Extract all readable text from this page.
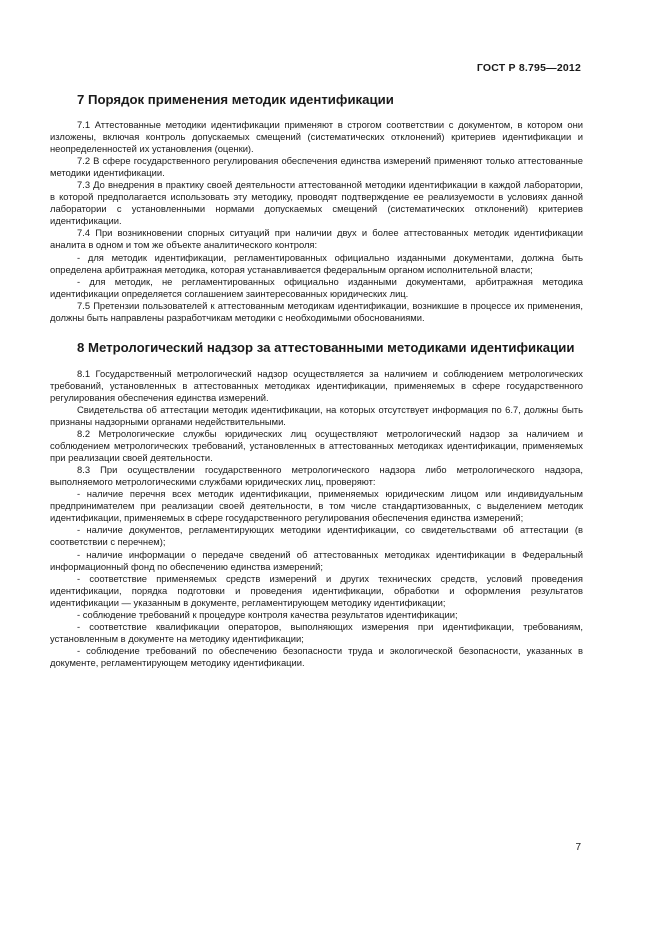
ГОСТ Р 8.795—2012
7 Порядок применения методик идентификации

7.1 Аттестованные методики идентификации применяют в строгом соответствии с документом, в котором они изложены, включая контроль допускаемых смещений (систематических отклонений) критериев идентификации и неопределенностей их установления (оценки).

7.2 В сфере государственного регулирования обеспечения единства измерений применяют только аттестованные методики идентификации.

7.3 До внедрения в практику своей деятельности аттестованной методики идентификации в каждой лаборатории, в которой предполагается использовать эту методику, проводят подтверждение ее реализуемости в условиях данной лаборатории с установленными нормами допускаемых смещений (систематических отклонений) критериев идентификации.

7.4 При возникновении спорных ситуаций при наличии двух и более аттестованных методик идентификации аналита в одном и том же объекте аналитического контроля:

- для методик идентификации, регламентированных официально изданными документами, должна быть определена арбитражная методика, которая устанавливается федеральным органом исполнительной власти;

- для методик, не регламентированных официально изданными документами, арбитражная методика идентификации определяется соглашением заинтересованных юридических лиц.

7.5 Претензии пользователей к аттестованным методикам идентификации, возникшие в процессе их применения, должны быть направлены разработчикам методики с необходимыми обоснованиями.

8 Метрологический надзор за аттестованными методиками идентификации

8.1 Государственный метрологический надзор осуществляется за наличием и соблюдением метрологических требований, установленных в аттестованных методиках идентификации, применяемых в сфере государственного регулирования обеспечения единства измерений.

Свидетельства об аттестации методик идентификации, на которых отсутствует информация по 6.7, должны быть признаны надзорными органами недействительными.

8.2 Метрологические службы юридических лиц осуществляют метрологический надзор за наличием и соблюдением метрологических требований, установленных в аттестованных методиках идентификации, применяемых при реализации своей деятельности.

8.3 При осуществлении государственного метрологического надзора либо метрологического надзора, выполняемого метрологическими службами юридических лиц, проверяют:

- наличие перечня всех методик идентификации, применяемых юридическим лицом или индивидуальным предпринимателем при реализации своей деятельности, в том числе стандартизованных, с выделением методик идентификации, применяемых в сфере государственного регулирования обеспечения единства измерений;

- наличие документов, регламентирующих методики идентификации, со свидетельствами об аттестации (в соответствии с перечнем);

- наличие информации о передаче сведений об аттестованных методиках идентификации в Федеральный информационный фонд по обеспечению единства измерений;

- соответствие применяемых средств измерений и других технических средств, условий проведения идентификации, порядка подготовки и проведения идентификации, обработки и оформления результатов идентификации — указанным в документе, регламентирующем методику идентификации;

- соблюдение требований к процедуре контроля качества результатов идентификации;

- соответствие квалификации операторов, выполняющих измерения при идентификации, требованиям, установленным в документе на методику идентификации;

- соблюдение требований по обеспечению безопасности труда и экологической безопасности, указанных в документе, регламентирующем методику идентификации.

7
